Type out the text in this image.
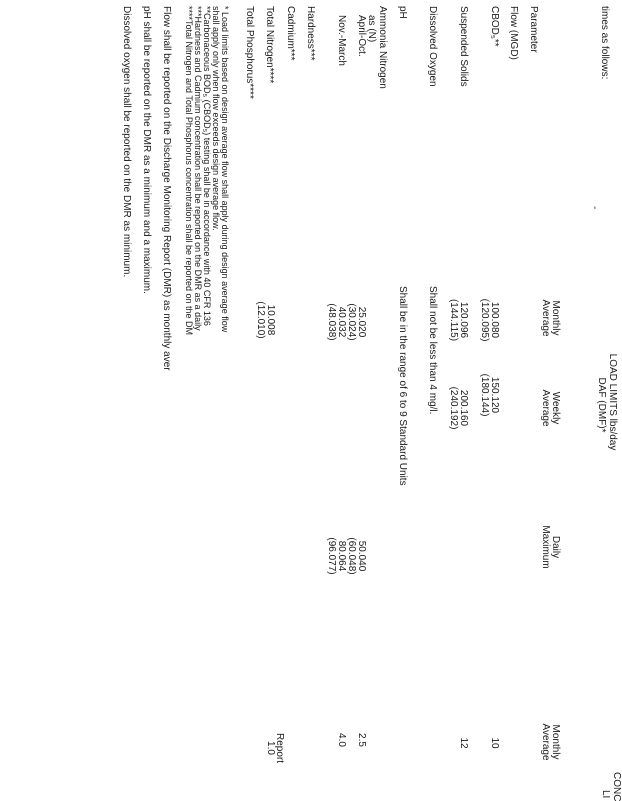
times as follows:
-
LOAD LIMITS lbs/day
DAF (DMF)*
CONC
LI
Parameter
Monthly
Average
Weekly
Average
Daily
Maximum
Monthly
Average
Flow (MGD)
CBOD₅**
100.080
(120.095)
150.120
(180.144)
10
Suspended Solids
120.096
(144.115)
200.160
(240.192)
12
Dissolved Oxygen
Shall not be less than 4 mg/l.
pH
Shall be in the range of 6 to 9 Standard Units
Ammonia Nitrogen
as (N)
April-Oct.
25.020
(30.024)
50.040
(60.048)
2.5
Nov.-March
40.032
(48.038)
80.064
(96.077)
4.0
Hardness***
Cadmium***
Total Nitrogen****
Report
Total Phosphorus****
10.008
(12.010)
1.0
* Load limits based on design average flow shall apply during design average flow
shall apply only when flow exceeds design average flow.
**Carbonaceous BOD₅ (CBOD₅) testing shall be in accordance with 40 CFR 136
***Hardness and Cadmium concentration shall be reported on the DMR as a daily
****Total Nitrogen and Total Phosphorus concentration shall be reported on the DM
Flow shall be reported on the Discharge Monitoring Report (DMR) as monthly aver
pH shall be reported on the DMR as a minimum and a maximum.
Dissolved oxygen shall be reported on the DMR as minimum.
